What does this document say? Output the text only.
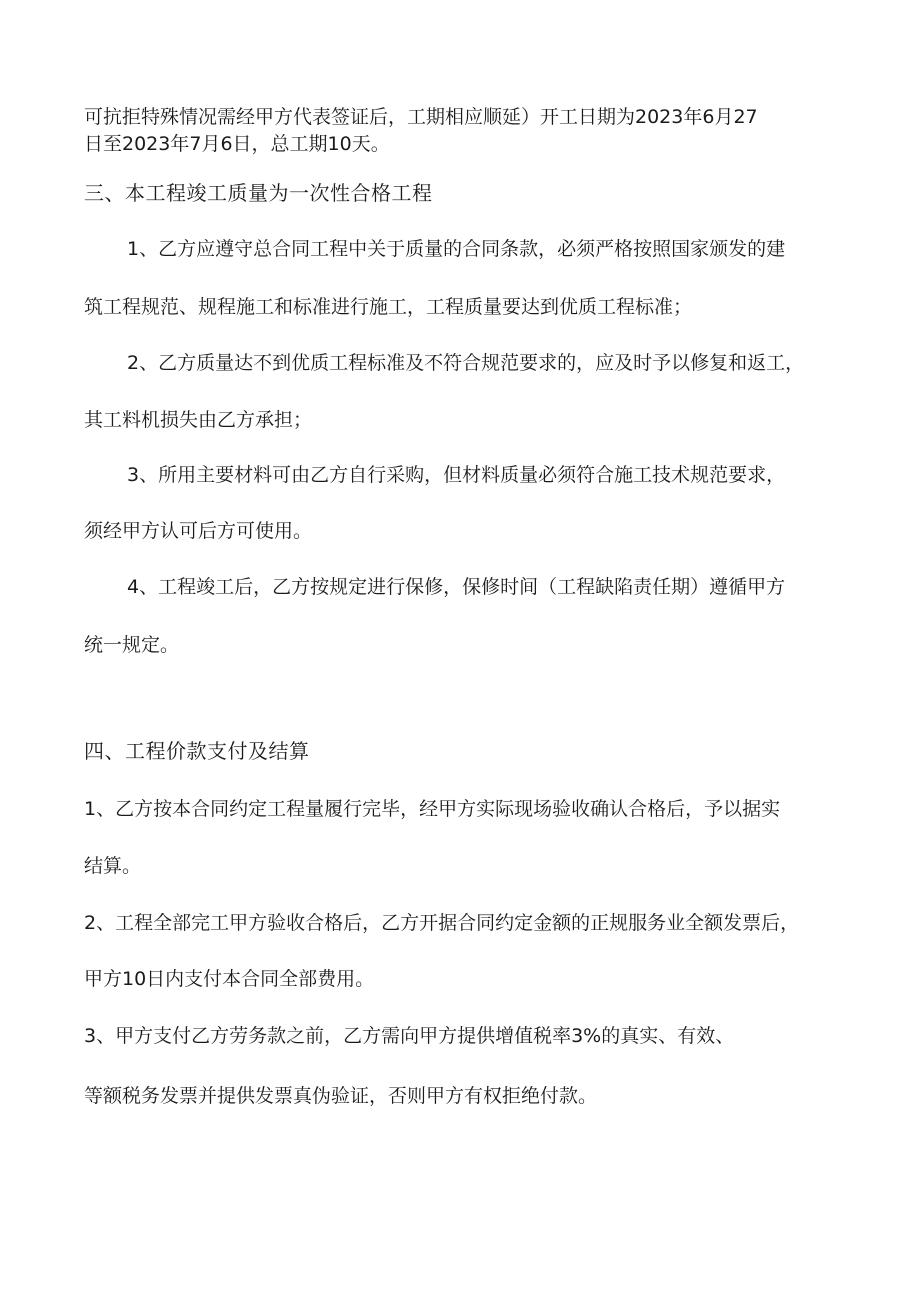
可抗拒特殊情况需经甲方代表签证后，工期相应顺延）开工日期为2023年6月27
日至2023年7月6日，总工期10天。
三、本工程竣工质量为一次性合格工程
1、乙方应遵守总合同工程中关于质量的合同条款，必须严格按照国家颁发的建
筑工程规范、规程施工和标准进行施工，工程质量要达到优质工程标准；
2、乙方质量达不到优质工程标准及不符合规范要求的，应及时予以修复和返工，
其工料机损失由乙方承担；
3、所用主要材料可由乙方自行采购，但材料质量必须符合施工技术规范要求，
须经甲方认可后方可使用。
4、工程竣工后，乙方按规定进行保修，保修时间（工程缺陷责任期）遵循甲方
统一规定。
四、工程价款支付及结算
1、乙方按本合同约定工程量履行完毕，经甲方实际现场验收确认合格后，予以据实
结算。
2、工程全部完工甲方验收合格后，乙方开据合同约定金额的正规服务业全额发票后，
甲方10日内支付本合同全部费用。
3、甲方支付乙方劳务款之前，乙方需向甲方提供增值税率3%的真实、有效、
等额税务发票并提供发票真伪验证，否则甲方有权拒绝付款。
